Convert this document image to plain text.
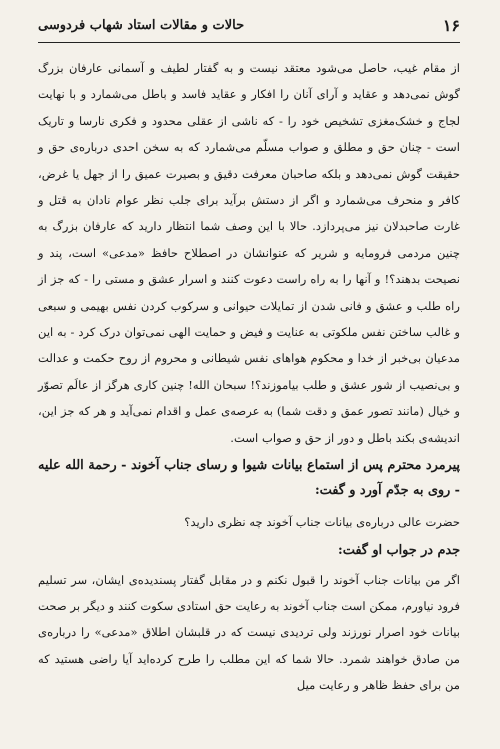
۱۶
حالات و مقالات استاد شهاب فردوسی

از مقام غیب، حاصل می‌شود معتقد نیست و به گفتار لطیف و آسمانی عارفان بزرگ گوش نمی‌دهد و عقاید و آرای آنان را افکار و عقاید فاسد و باطل می‌شمارد و با نهایت لجاج و خشک‌مغزی تشخیص خود را - که ناشی از عقلی محدود و فکری نارسا و تاریک است - چنان حق و مطلق و صواب مسلّم می‌شمارد که به سخن احدی درباره‌ی حق و حقیقت گوش نمی‌دهد و بلکه صاحبان معرفت دقیق و بصیرت عمیق را از جهل یا غرض، کافر و منحرف می‌شمارد و اگر از دستش برآید برای جلب نظر عوام نادان به قتل و غارت صاحبدلان نیز می‌پردازد. حالا با این وصف شما انتظار دارید که عارفان بزرگ به چنین مردمی فرومایه و شریر که عنوانشان در اصطلاح حافظ «مدعی» است، پند و نصیحت بدهند؟! و آنها را به راه راست دعوت کنند و اسرار عشق و مستی را - که جز از راه طلب و عشق و فانی شدن از تمایلات حیوانی و سرکوب کردن نفس بهیمی و سبعی و غالب ساختن نفس ملکوتی به عنایت و فیض و حمایت الهی نمی‌توان درک کرد - به این مدعیان بی‌خبر از خدا و محکوم هواهای نفس شیطانی و محروم از روح حکمت و عدالت و بی‌نصیب از شور عشق و طلب بیاموزند؟! سبحان الله! چنین کاری هرگز از عالَم تصوّر و خیال (مانند تصور عمق و دقت شما) به عرصه‌ی عمل و اقدام نمی‌آید و هر که جز این، اندیشه‌ی بکند باطل و دور از حق و صواب است.

پیرمرد محترم پس از استماع بیانات شیوا و رسای جناب آخوند - رحمة الله علیه - روی به جدّم آورد و گفت:

حضرت عالی درباره‌ی بیانات جناب آخوند چه نظری دارید؟

جدم در جواب او گفت:

اگر من بیانات جناب آخوند را قبول نکنم و در مقابل گفتار پسندیده‌ی ایشان، سر تسلیم فرود نیاورم، ممکن است جناب آخوند به رعایت حق استادی سکوت کنند و دیگر بر صحت بیانات خود اصرار نورزند ولی تردیدی نیست که در قلبشان اطلاق «مدعی» را درباره‌ی من صادق خواهند شمرد. حالا شما که این مطلب را طرح کرده‌اید آیا راضی هستید که من برای حفظ ظاهر و رعایت میل
